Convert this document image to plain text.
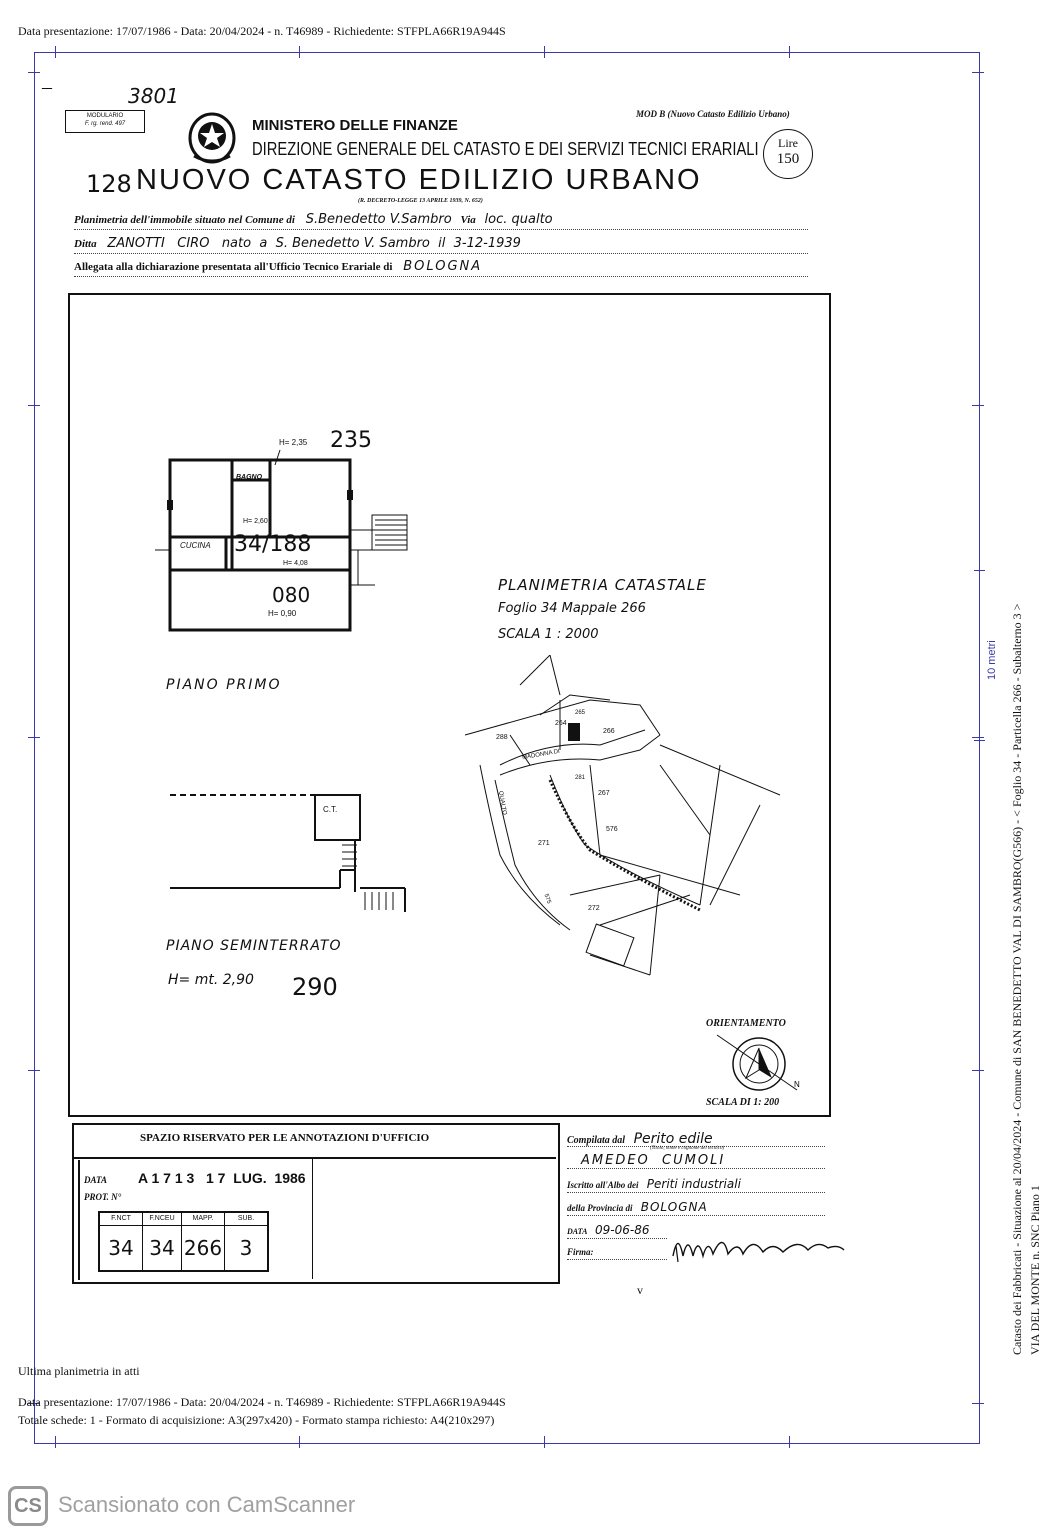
Data presentazione: 17/07/1986 - Data: 20/04/2024 - n. T46989 - Richiedente: STFPLA66R19A944S
10 metri
–	3801
MODULARIO
F. rg. rend. 497	MINISTERO DELLE FINANZE
DIREZIONE GENERALE DEL CATASTO E DEI SERVIZI TECNICI ERARIALI
MOD B (Nuovo Catasto Edilizio Urbano)
Lire
150
128 NUOVO CATASTO EDILIZIO URBANO
(R. DECRETO-LEGGE 13 APRILE 1939, N. 652)
Planimetria dell'immobile situato nel Comune di S.Benedetto V.Sambro Via loc. qualto
Ditta ZANOTTI   CIRO   nato  a  S. Benedetto V. Sambro  il  3-12-1939
Allegata alla dichiarazione presentata all'Ufficio Tecnico Erariale di BOLOGNA
H= 2,35 235
BAGNO
H= 2,60
CUCINA 34/188
H= 4,08
080
H= 0,90
PIANO PRIMO
C.T.
PIANO SEMINTERRATO
H= mt. 2,90 290
PLANIMETRIA CATASTALE
Foglio 34 Mappale 266
SCALA 1 : 2000
288
264
266
265
267
271
576
272
575
QUALTO
MADONNA DI
281
ORIENTAMENTO
N
SCALA DI 1: 200
SPAZIO RISERVATO PER LE ANNOTAZIONI D'UFFICIO
DATA A 1 7 1 3   1 7  LUG.  1986
PROT. N°
F.NCT	F.NCEU	MAPP.	SUB.
34	34	266	3
Compilata dal Perito edile
(Titolo, nome e cognome del tecnico)
AMEDEO  CUMOLI
Iscritto all'Albo dei Periti industriali
della Provincia di BOLOGNA
DATA 09-06-86
Firma:
v	Catasto dei Fabbricati - Situazione al 20/04/2024 - Comune di SAN BENEDETTO VAL DI SAMBRO(G566) - < Foglio 34 - Particella 266 - Subalterno 3 > VIA DEL MONTE n. SNC Piano 1
Ultima planimetria in atti
Data presentazione: 17/07/1986 - Data: 20/04/2024 - n. T46989 - Richiedente: STFPLA66R19A944S
Totale schede: 1 - Formato di acquisizione: A3(297x420) - Formato stampa richiesto: A4(210x297)
CS Scansionato con CamScanner
